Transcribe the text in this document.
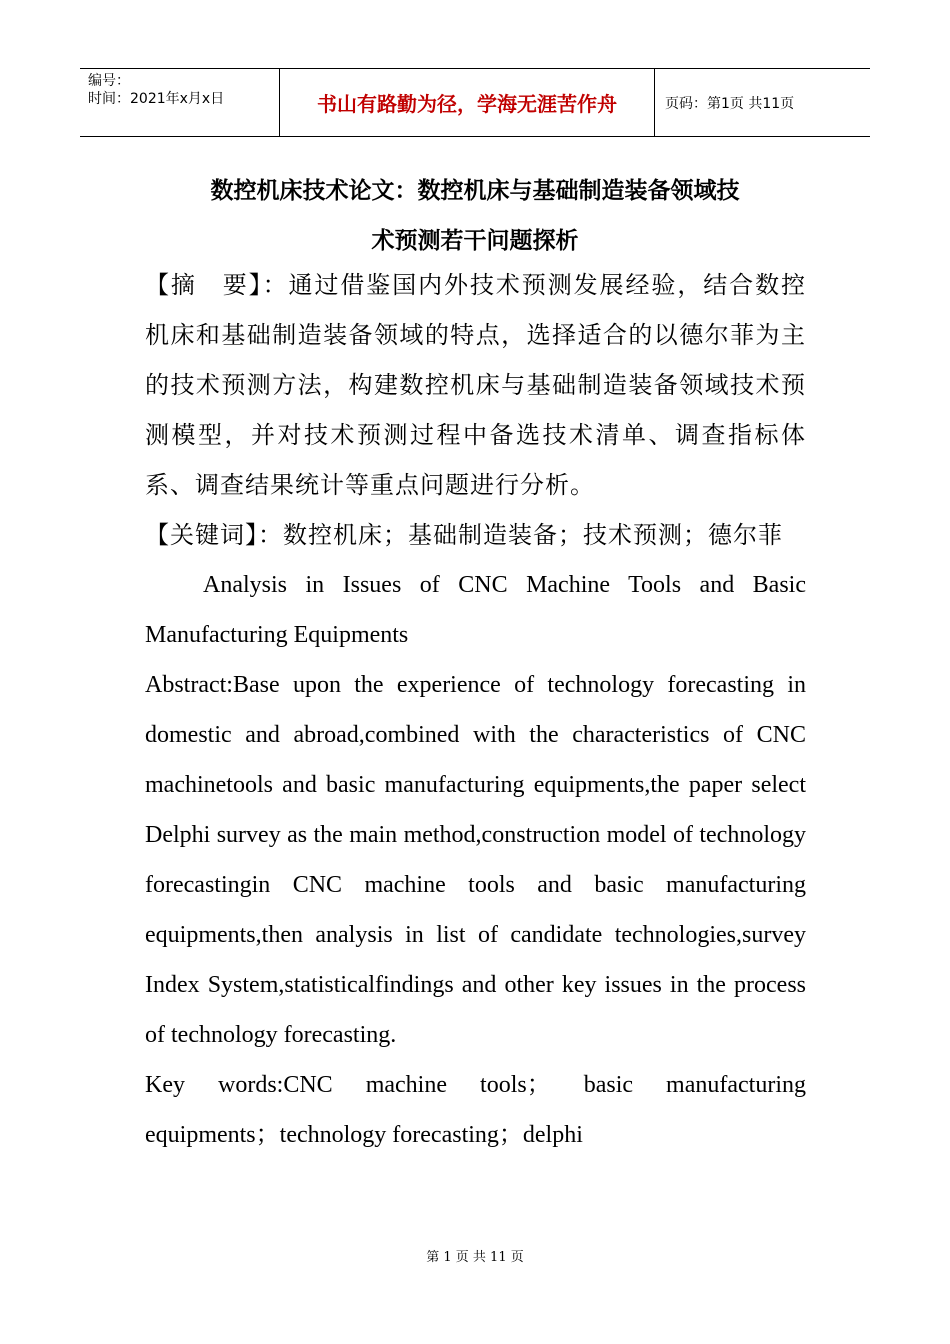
编号：
时间：2021年x月x日	书山有路勤为径，学海无涯苦作舟	页码：第1页 共11页
数控机床技术论文：数控机床与基础制造装备领域技
术预测若干问题探析

【摘　要】：通过借鉴国内外技术预测发展经验，结合数控机床和基础制造装备领域的特点，选择适合的以德尔菲为主的技术预测方法，构建数控机床与基础制造装备领域技术预测模型，并对技术预测过程中备选技术清单、调查指标体系、调查结果统计等重点问题进行分析。

【关键词】：数控机床；基础制造装备；技术预测；德尔菲

Analysis in Issues of CNC Machine Tools and Basic Manufacturing Equipments

Abstract:Base upon the experience of technology forecasting in domestic and abroad,combined with the characteristics of CNC machinetools and basic manufacturing equipments,the paper select Delphi survey as the main method,construction model of technology forecastingin CNC machine tools and basic manufacturing equipments,then analysis in list of candidate technologies,survey Index System,statisticalfindings and other key issues in the process of technology forecasting.

Key words:CNC machine tools； basic manufacturing equipments；technology forecasting；delphi

第 1 页 共 11 页
